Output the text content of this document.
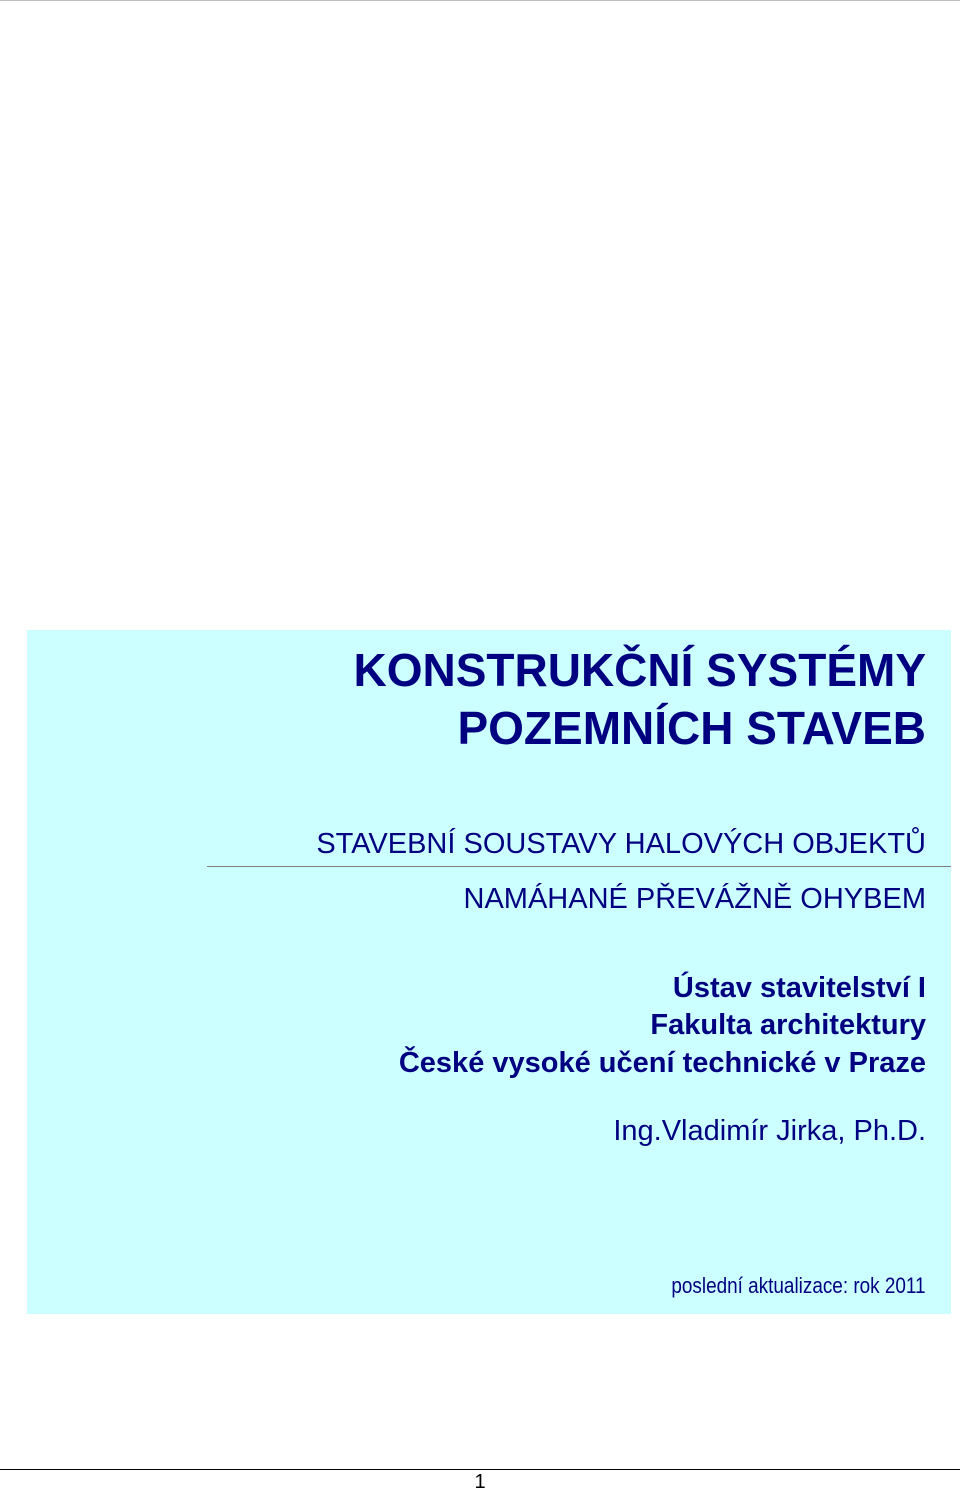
KONSTRUKČNÍ SYSTÉMY
POZEMNÍCH STAVEB
STAVEBNÍ SOUSTAVY HALOVÝCH OBJEKTŮ
NAMÁHANÉ PŘEVÁŽNĚ OHYBEM
Ústav stavitelství I
Fakulta architektury
České vysoké učení technické v Praze
Ing.Vladimír Jirka, Ph.D.
poslední aktualizace: rok 2011
1
